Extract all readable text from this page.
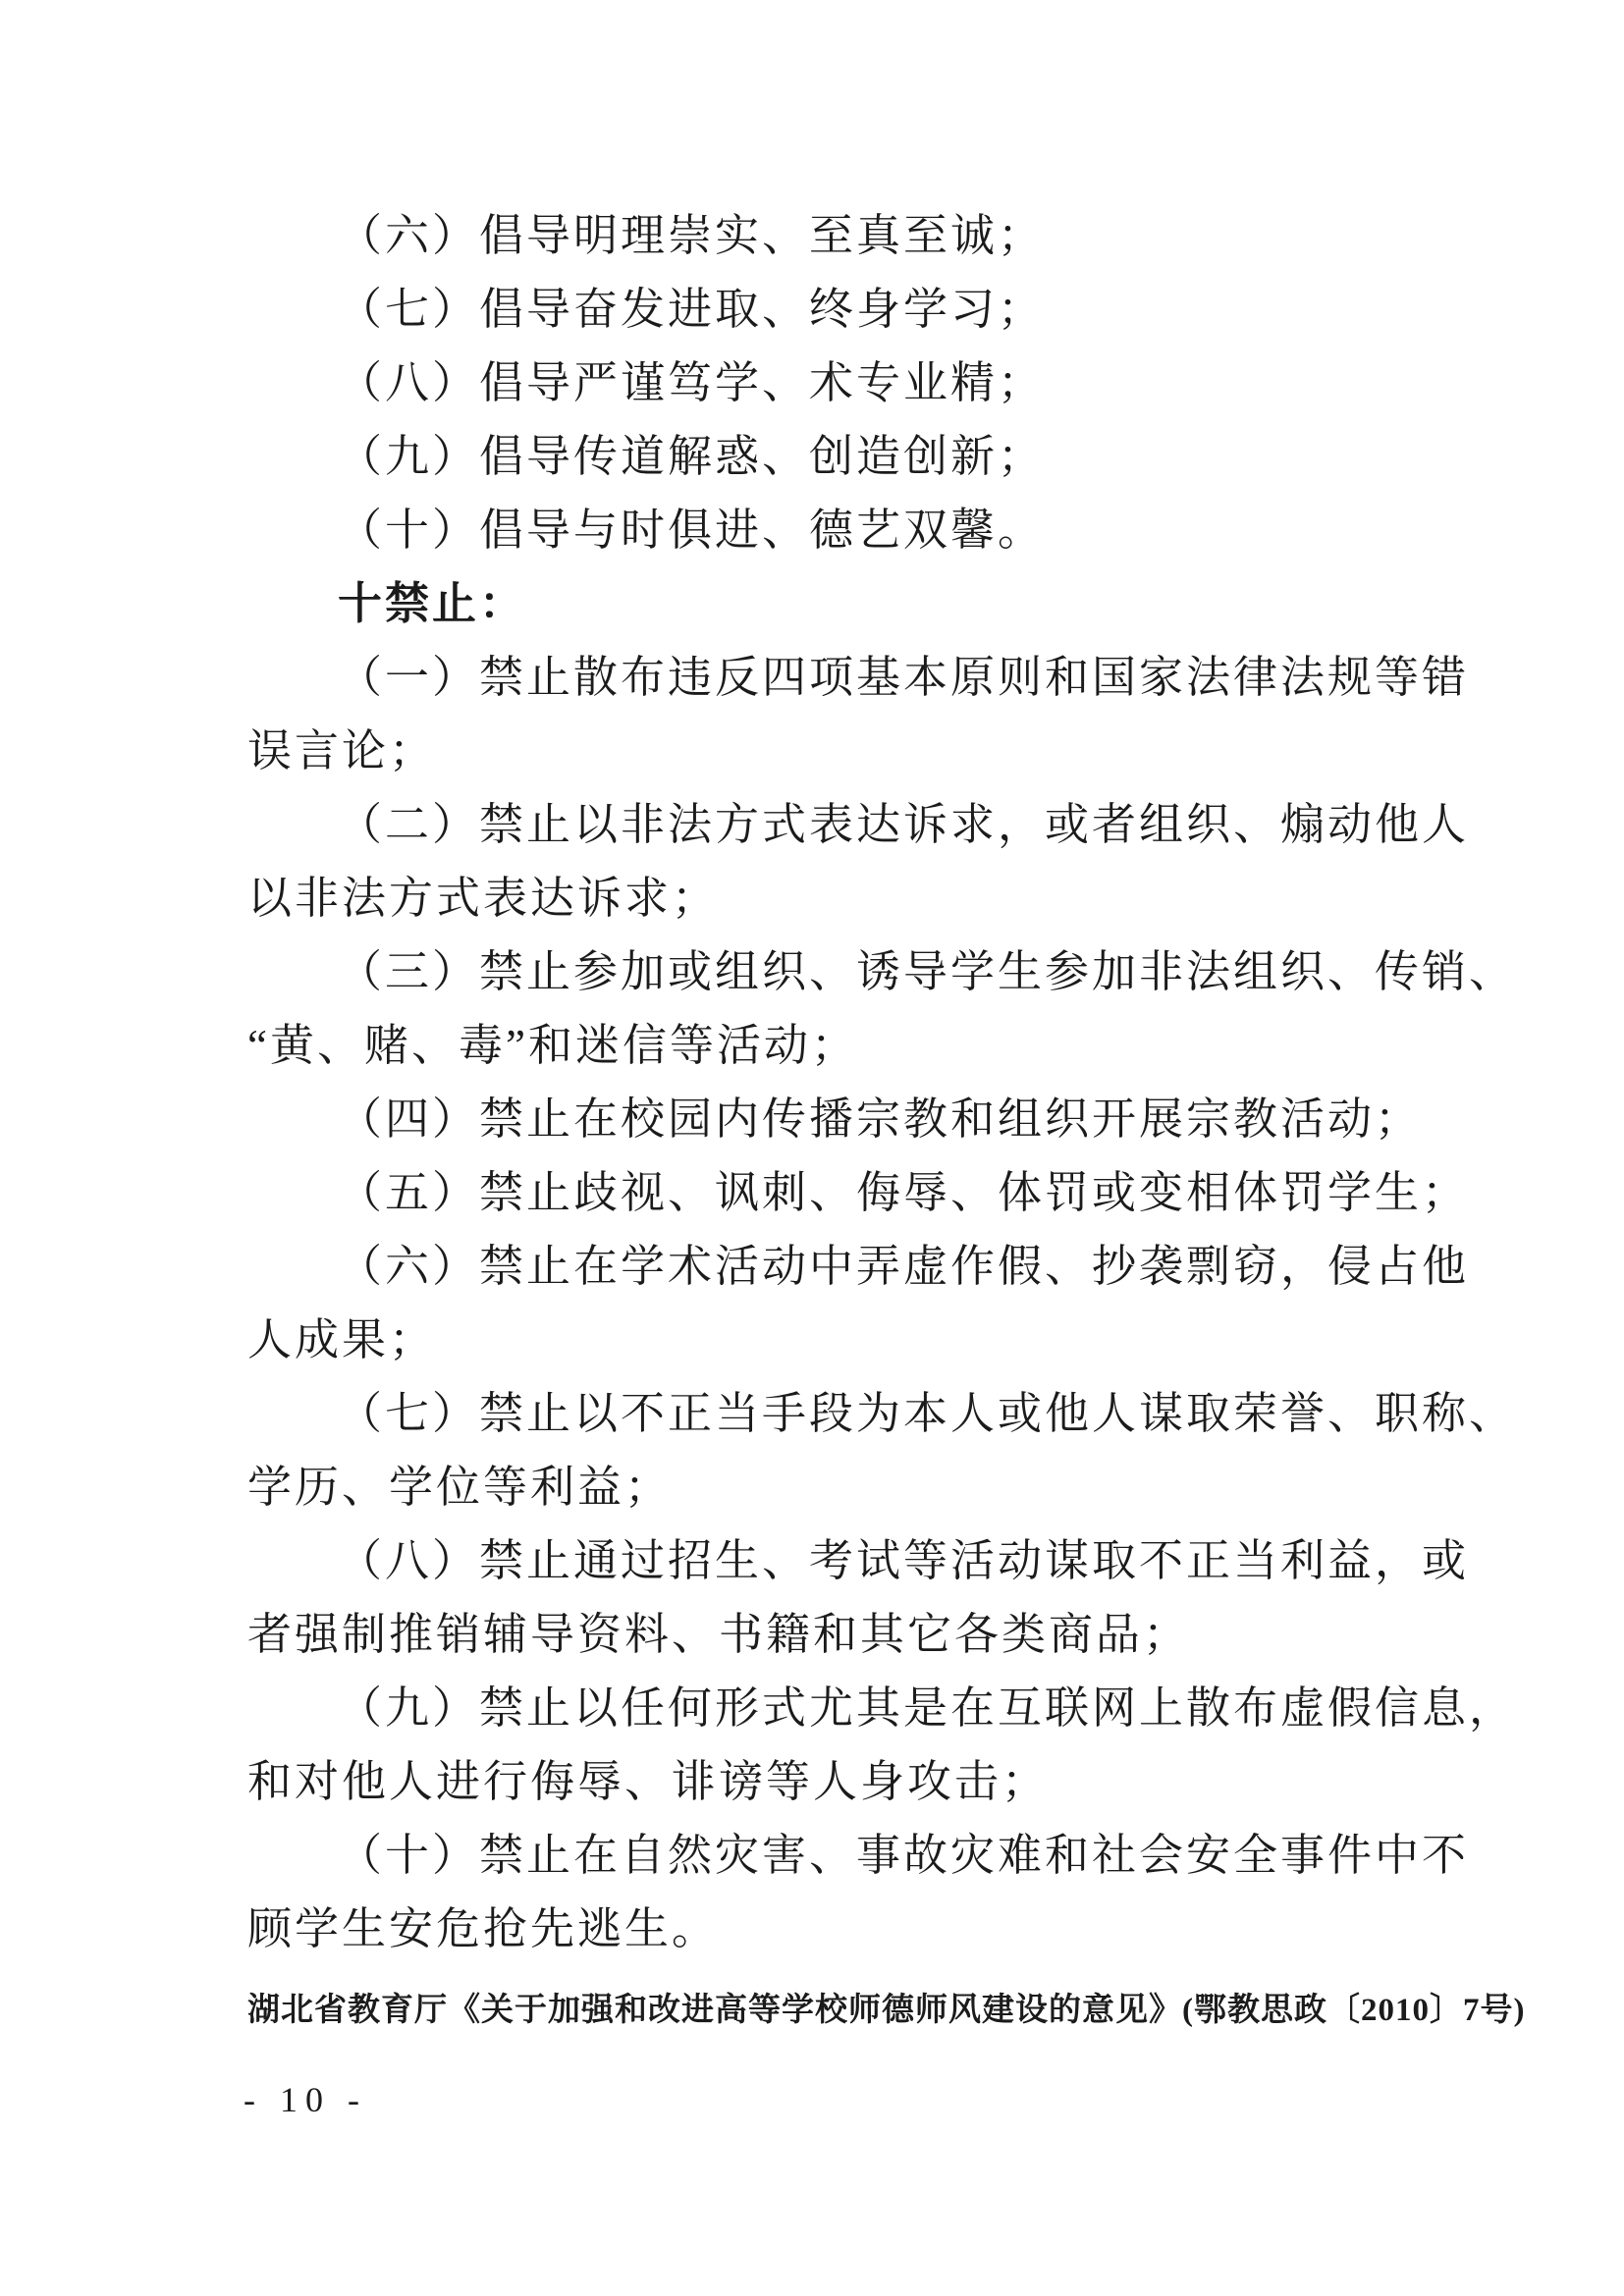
（六）倡导明理崇实、至真至诚；
（七）倡导奋发进取、终身学习；
（八）倡导严谨笃学、术专业精；
（九）倡导传道解惑、创造创新；
（十）倡导与时俱进、德艺双馨。
十禁止：
（一）禁止散布违反四项基本原则和国家法律法规等错
误言论；
（二）禁止以非法方式表达诉求，或者组织、煽动他人
以非法方式表达诉求；
（三）禁止参加或组织、诱导学生参加非法组织、传销、
“黄、赌、毒”和迷信等活动；
（四）禁止在校园内传播宗教和组织开展宗教活动；
（五）禁止歧视、讽刺、侮辱、体罚或变相体罚学生；
（六）禁止在学术活动中弄虚作假、抄袭剽窃，侵占他
人成果；
（七）禁止以不正当手段为本人或他人谋取荣誉、职称、
学历、学位等利益；
（八）禁止通过招生、考试等活动谋取不正当利益，或
者强制推销辅导资料、书籍和其它各类商品；
（九）禁止以任何形式尤其是在互联网上散布虚假信息，
和对他人进行侮辱、诽谤等人身攻击；
（十）禁止在自然灾害、事故灾难和社会安全事件中不
顾学生安危抢先逃生。
湖北省教育厅《关于加强和改进高等学校师德师风建设的意见》(鄂教思政〔2010〕7号)
- 10 -
